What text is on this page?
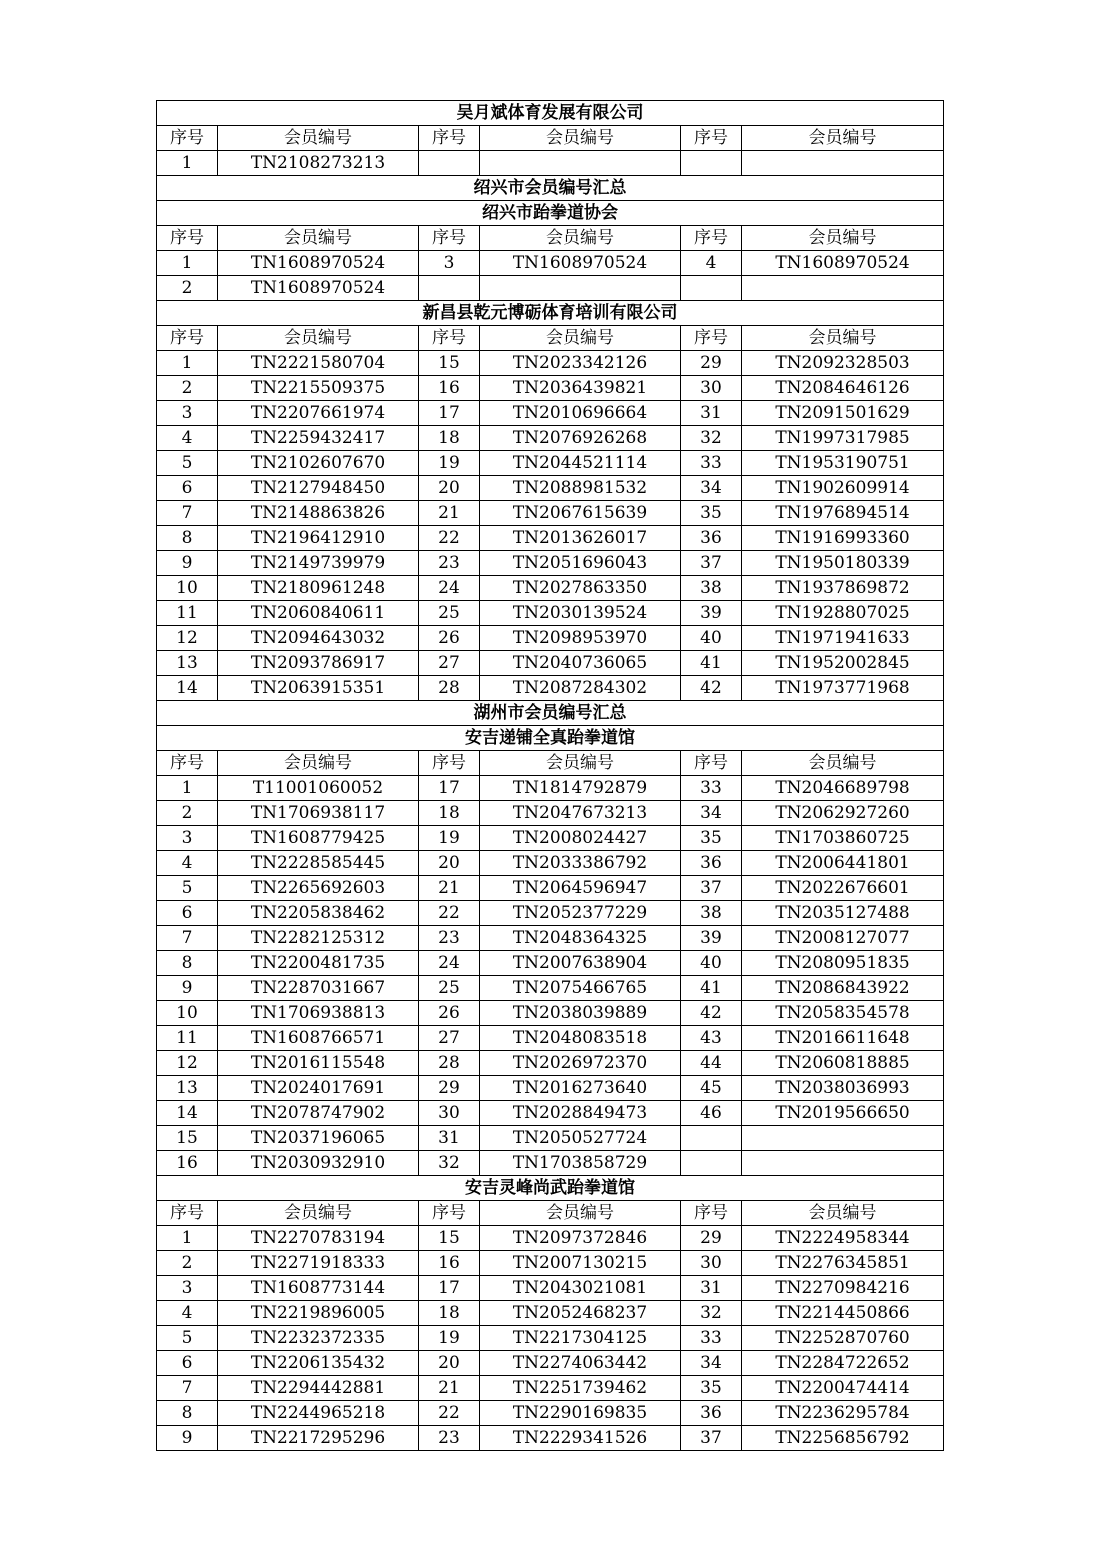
吴月斌体育发展有限公司					
序号	会员编号	序号	会员编号	序号	会员编号
1	TN2108273213				
绍兴市会员编号汇总					
绍兴市跆拳道协会					
序号	会员编号	序号	会员编号	序号	会员编号
1	TN1608970524	3	TN1608970524	4	TN1608970524
2	TN1608970524				
新昌县乾元博砺体育培训有限公司					
序号	会员编号	序号	会员编号	序号	会员编号
1	TN2221580704	15	TN2023342126	29	TN2092328503
2	TN2215509375	16	TN2036439821	30	TN2084646126
3	TN2207661974	17	TN2010696664	31	TN2091501629
4	TN2259432417	18	TN2076926268	32	TN1997317985
5	TN2102607670	19	TN2044521114	33	TN1953190751
6	TN2127948450	20	TN2088981532	34	TN1902609914
7	TN2148863826	21	TN2067615639	35	TN1976894514
8	TN2196412910	22	TN2013626017	36	TN1916993360
9	TN2149739979	23	TN2051696043	37	TN1950180339
10	TN2180961248	24	TN2027863350	38	TN1937869872
11	TN2060840611	25	TN2030139524	39	TN1928807025
12	TN2094643032	26	TN2098953970	40	TN1971941633
13	TN2093786917	27	TN2040736065	41	TN1952002845
14	TN2063915351	28	TN2087284302	42	TN1973771968
湖州市会员编号汇总					
安吉递铺全真跆拳道馆					
序号	会员编号	序号	会员编号	序号	会员编号
1	T11001060052	17	TN1814792879	33	TN2046689798
2	TN1706938117	18	TN2047673213	34	TN2062927260
3	TN1608779425	19	TN2008024427	35	TN1703860725
4	TN2228585445	20	TN2033386792	36	TN2006441801
5	TN2265692603	21	TN2064596947	37	TN2022676601
6	TN2205838462	22	TN2052377229	38	TN2035127488
7	TN2282125312	23	TN2048364325	39	TN2008127077
8	TN2200481735	24	TN2007638904	40	TN2080951835
9	TN2287031667	25	TN2075466765	41	TN2086843922
10	TN1706938813	26	TN2038039889	42	TN2058354578
11	TN1608766571	27	TN2048083518	43	TN2016611648
12	TN2016115548	28	TN2026972370	44	TN2060818885
13	TN2024017691	29	TN2016273640	45	TN2038036993
14	TN2078747902	30	TN2028849473	46	TN2019566650
15	TN2037196065	31	TN2050527724		
16	TN2030932910	32	TN1703858729		
安吉灵峰尚武跆拳道馆					
序号	会员编号	序号	会员编号	序号	会员编号
1	TN2270783194	15	TN2097372846	29	TN2224958344
2	TN2271918333	16	TN2007130215	30	TN2276345851
3	TN1608773144	17	TN2043021081	31	TN2270984216
4	TN2219896005	18	TN2052468237	32	TN2214450866
5	TN2232372335	19	TN2217304125	33	TN2252870760
6	TN2206135432	20	TN2274063442	34	TN2284722652
7	TN2294442881	21	TN2251739462	35	TN2200474414
8	TN2244965218	22	TN2290169835	36	TN2236295784
9	TN2217295296	23	TN2229341526	37	TN2256856792
